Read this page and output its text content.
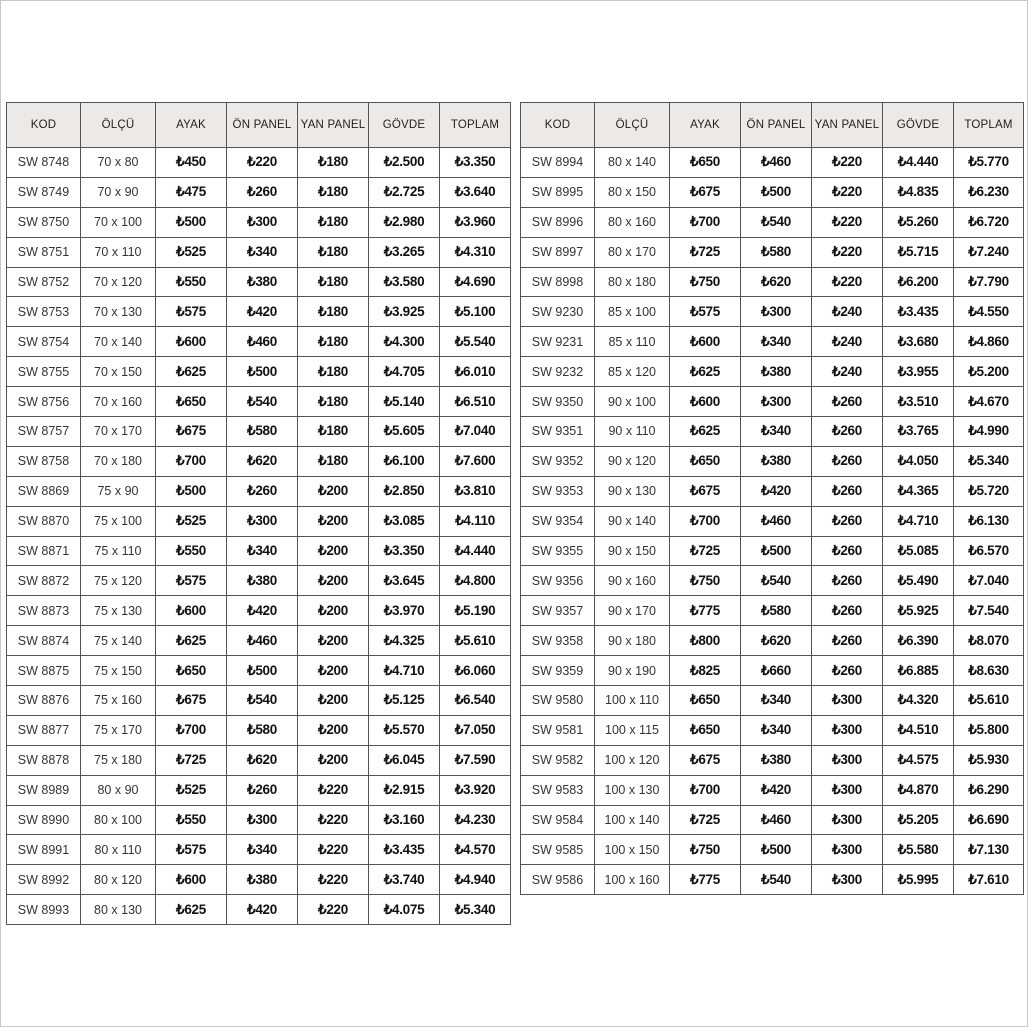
KOD	ÖLÇÜ	AYAK	ÖN PANEL	YAN PANEL	GÖVDE	TOPLAM
SW 8748	70 x 80	₺450	₺220	₺180	₺2.500	₺3.350
SW 8749	70 x 90	₺475	₺260	₺180	₺2.725	₺3.640
SW 8750	70 x 100	₺500	₺300	₺180	₺2.980	₺3.960
SW 8751	70 x 110	₺525	₺340	₺180	₺3.265	₺4.310
SW 8752	70 x 120	₺550	₺380	₺180	₺3.580	₺4.690
SW 8753	70 x 130	₺575	₺420	₺180	₺3.925	₺5.100
SW 8754	70 x 140	₺600	₺460	₺180	₺4.300	₺5.540
SW 8755	70 x 150	₺625	₺500	₺180	₺4.705	₺6.010
SW 8756	70 x 160	₺650	₺540	₺180	₺5.140	₺6.510
SW 8757	70 x 170	₺675	₺580	₺180	₺5.605	₺7.040
SW 8758	70 x 180	₺700	₺620	₺180	₺6.100	₺7.600
SW 8869	75 x 90	₺500	₺260	₺200	₺2.850	₺3.810
SW 8870	75 x 100	₺525	₺300	₺200	₺3.085	₺4.110
SW 8871	75 x 110	₺550	₺340	₺200	₺3.350	₺4.440
SW 8872	75 x 120	₺575	₺380	₺200	₺3.645	₺4.800
SW 8873	75 x 130	₺600	₺420	₺200	₺3.970	₺5.190
SW 8874	75 x 140	₺625	₺460	₺200	₺4.325	₺5.610
SW 8875	75 x 150	₺650	₺500	₺200	₺4.710	₺6.060
SW 8876	75 x 160	₺675	₺540	₺200	₺5.125	₺6.540
SW 8877	75 x 170	₺700	₺580	₺200	₺5.570	₺7.050
SW 8878	75 x 180	₺725	₺620	₺200	₺6.045	₺7.590
SW 8989	80 x 90	₺525	₺260	₺220	₺2.915	₺3.920
SW 8990	80 x 100	₺550	₺300	₺220	₺3.160	₺4.230
SW 8991	80 x 110	₺575	₺340	₺220	₺3.435	₺4.570
SW 8992	80 x 120	₺600	₺380	₺220	₺3.740	₺4.940
SW 8993	80 x 130	₺625	₺420	₺220	₺4.075	₺5.340
KOD	ÖLÇÜ	AYAK	ÖN PANEL	YAN PANEL	GÖVDE	TOPLAM
SW 8994	80 x 140	₺650	₺460	₺220	₺4.440	₺5.770
SW 8995	80 x 150	₺675	₺500	₺220	₺4.835	₺6.230
SW 8996	80 x 160	₺700	₺540	₺220	₺5.260	₺6.720
SW 8997	80 x 170	₺725	₺580	₺220	₺5.715	₺7.240
SW 8998	80 x 180	₺750	₺620	₺220	₺6.200	₺7.790
SW 9230	85 x 100	₺575	₺300	₺240	₺3.435	₺4.550
SW 9231	85 x 110	₺600	₺340	₺240	₺3.680	₺4.860
SW 9232	85 x 120	₺625	₺380	₺240	₺3.955	₺5.200
SW 9350	90 x 100	₺600	₺300	₺260	₺3.510	₺4.670
SW 9351	90 x 110	₺625	₺340	₺260	₺3.765	₺4.990
SW 9352	90 x 120	₺650	₺380	₺260	₺4.050	₺5.340
SW 9353	90 x 130	₺675	₺420	₺260	₺4.365	₺5.720
SW 9354	90 x 140	₺700	₺460	₺260	₺4.710	₺6.130
SW 9355	90 x 150	₺725	₺500	₺260	₺5.085	₺6.570
SW 9356	90 x 160	₺750	₺540	₺260	₺5.490	₺7.040
SW 9357	90 x 170	₺775	₺580	₺260	₺5.925	₺7.540
SW 9358	90 x 180	₺800	₺620	₺260	₺6.390	₺8.070
SW 9359	90 x 190	₺825	₺660	₺260	₺6.885	₺8.630
SW 9580	100 x 110	₺650	₺340	₺300	₺4.320	₺5.610
SW 9581	100 x 115	₺650	₺340	₺300	₺4.510	₺5.800
SW 9582	100 x 120	₺675	₺380	₺300	₺4.575	₺5.930
SW 9583	100 x 130	₺700	₺420	₺300	₺4.870	₺6.290
SW 9584	100 x 140	₺725	₺460	₺300	₺5.205	₺6.690
SW 9585	100 x 150	₺750	₺500	₺300	₺5.580	₺7.130
SW 9586	100 x 160	₺775	₺540	₺300	₺5.995	₺7.610
